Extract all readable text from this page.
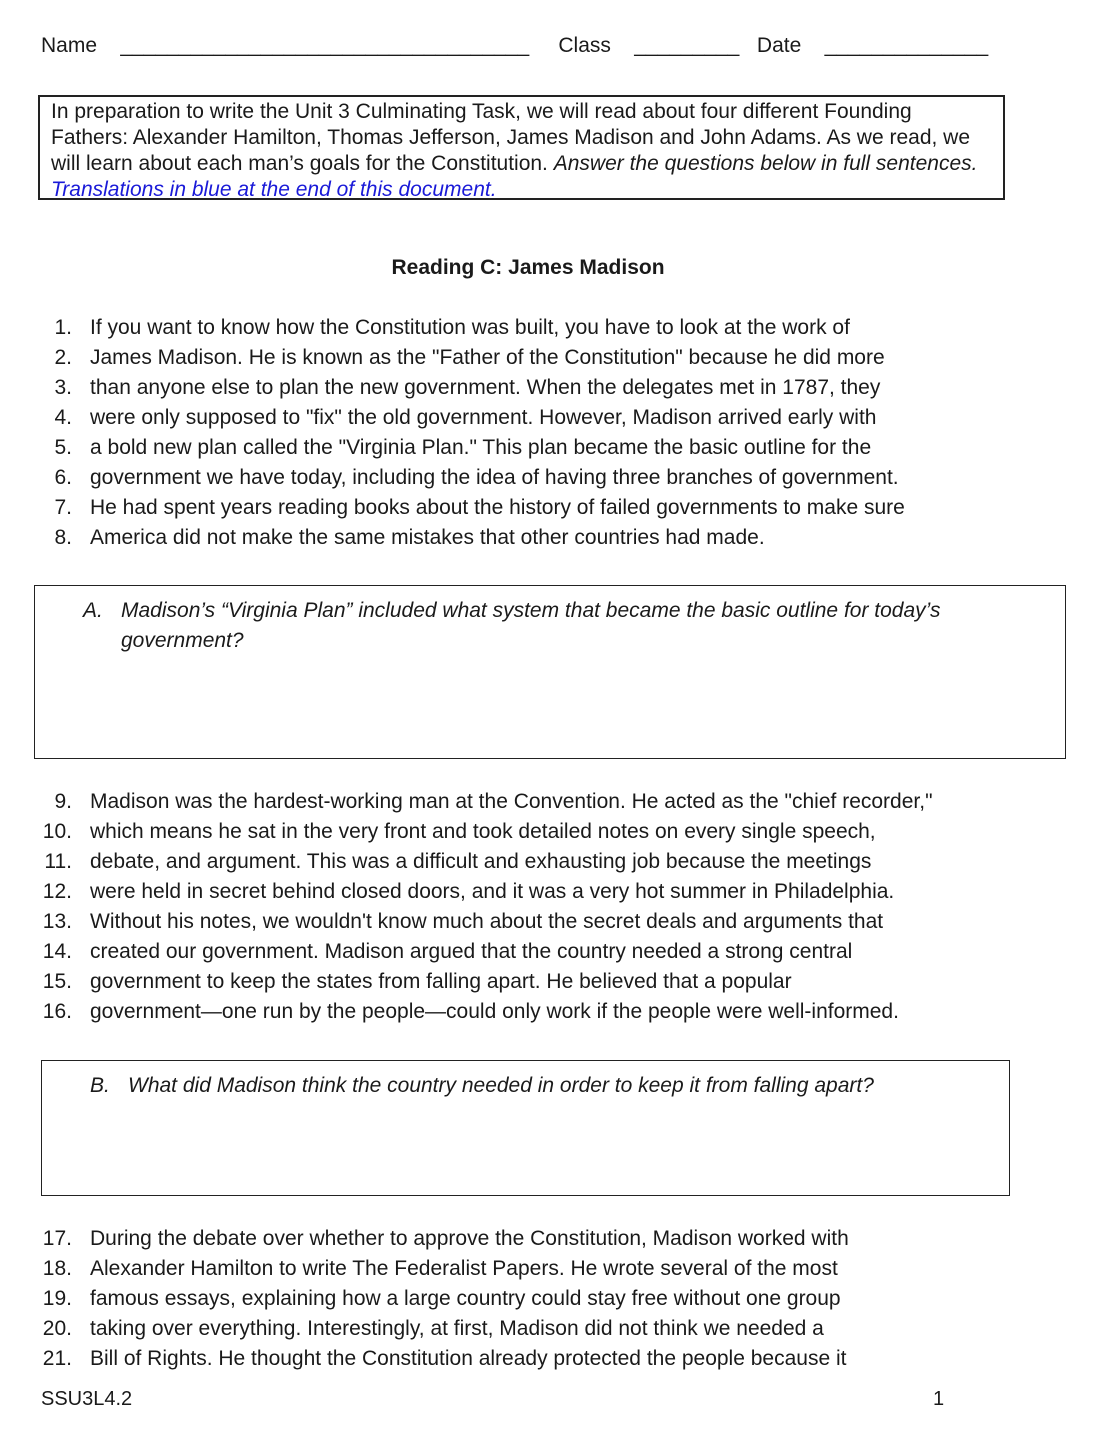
Name ___________________________________ Class _________ Date ______________
In preparation to write the Unit 3 Culminating Task, we will read about four different Founding Fathers: Alexander Hamilton, Thomas Jefferson, James Madison and John Adams. As we read, we will learn about each man’s goals for the Constitution. Answer the questions below in full sentences. Translations in blue at the end of this document.
Reading C: James Madison
1. If you want to know how the Constitution was built, you have to look at the work of
2. James Madison. He is known as the "Father of the Constitution" because he did more
3. than anyone else to plan the new government. When the delegates met in 1787, they
4. were only supposed to "fix" the old government. However, Madison arrived early with
5. a bold new plan called the "Virginia Plan." This plan became the basic outline for the
6. government we have today, including the idea of having three branches of government.
7. He had spent years reading books about the history of failed governments to make sure
8. America did not make the same mistakes that other countries had made.
A. Madison’s “Virginia Plan” included what system that became the basic outline for today’s
government?
9. Madison was the hardest-working man at the Convention. He acted as the "chief recorder,"
10. which means he sat in the very front and took detailed notes on every single speech,
11. debate, and argument. This was a difficult and exhausting job because the meetings
12. were held in secret behind closed doors, and it was a very hot summer in Philadelphia.
13. Without his notes, we wouldn't know much about the secret deals and arguments that
14. created our government. Madison argued that the country needed a strong central
15. government to keep the states from falling apart. He believed that a popular
16. government—one run by the people—could only work if the people were well-informed.
B. What did Madison think the country needed in order to keep it from falling apart?
17. During the debate over whether to approve the Constitution, Madison worked with
18. Alexander Hamilton to write The Federalist Papers. He wrote several of the most
19. famous essays, explaining how a large country could stay free without one group
20. taking over everything. Interestingly, at first, Madison did not think we needed a
21. Bill of Rights. He thought the Constitution already protected the people because it
SSU3L4.2	1
